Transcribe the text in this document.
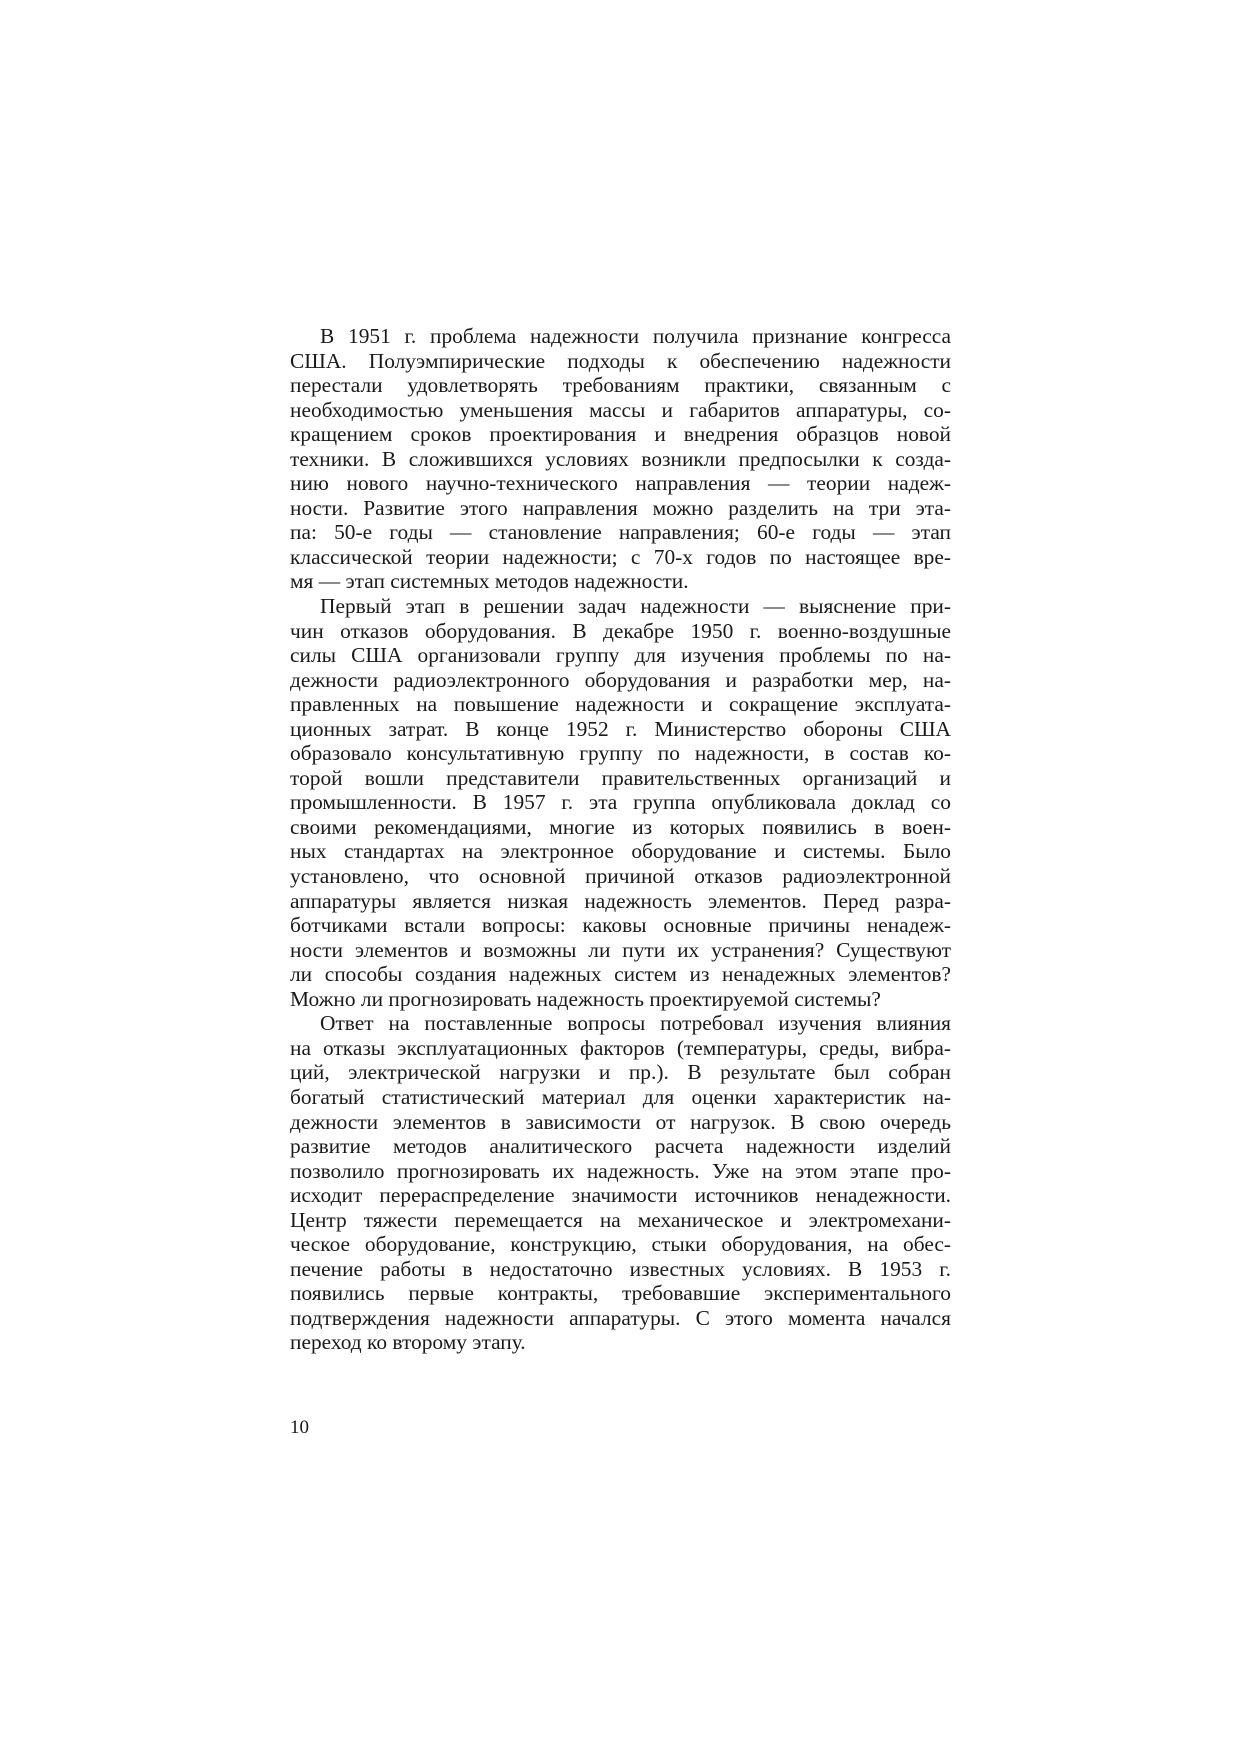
В 1951 г. проблема надежности получила признание конгресса
США. Полуэмпирические подходы к обеспечению надежности
перестали удовлетворять требованиям практики, связанным с
необходимостью уменьшения массы и габаритов аппаратуры, со-
кращением сроков проектирования и внедрения образцов новой
техники. В сложившихся условиях возникли предпосылки к созда-
нию нового научно-технического направления — теории надеж-
ности. Развитие этого направления можно разделить на три эта-
па: 50-е годы — становление направления; 60-е годы — этап
классической теории надежности; с 70-х годов по настоящее вре-
мя — этап системных методов надежности.

Первый этап в решении задач надежности — выяснение при-
чин отказов оборудования. В декабре 1950 г. военно-воздушные
силы США организовали группу для изучения проблемы по на-
дежности радиоэлектронного оборудования и разработки мер, на-
правленных на повышение надежности и сокращение эксплуата-
ционных затрат. В конце 1952 г. Министерство обороны США
образовало консультативную группу по надежности, в состав ко-
торой вошли представители правительственных организаций и
промышленности. В 1957 г. эта группа опубликовала доклад со
своими рекомендациями, многие из которых появились в воен-
ных стандартах на электронное оборудование и системы. Было
установлено, что основной причиной отказов радиоэлектронной
аппаратуры является низкая надежность элементов. Перед разра-
ботчиками встали вопросы: каковы основные причины ненадеж-
ности элементов и возможны ли пути их устранения? Существуют
ли способы создания надежных систем из ненадежных элементов?
Можно ли прогнозировать надежность проектируемой системы?

Ответ на поставленные вопросы потребовал изучения влияния
на отказы эксплуатационных факторов (температуры, среды, вибра-
ций, электрической нагрузки и пр.). В результате был собран
богатый статистический материал для оценки характеристик на-
дежности элементов в зависимости от нагрузок. В свою очередь
развитие методов аналитического расчета надежности изделий
позволило прогнозировать их надежность. Уже на этом этапе про-
исходит перераспределение значимости источников ненадежности.
Центр тяжести перемещается на механическое и электромехани-
ческое оборудование, конструкцию, стыки оборудования, на обес-
печение работы в недостаточно известных условиях. В 1953 г.
появились первые контракты, требовавшие экспериментального
подтверждения надежности аппаратуры. С этого момента начался
переход ко второму этапу.

10
